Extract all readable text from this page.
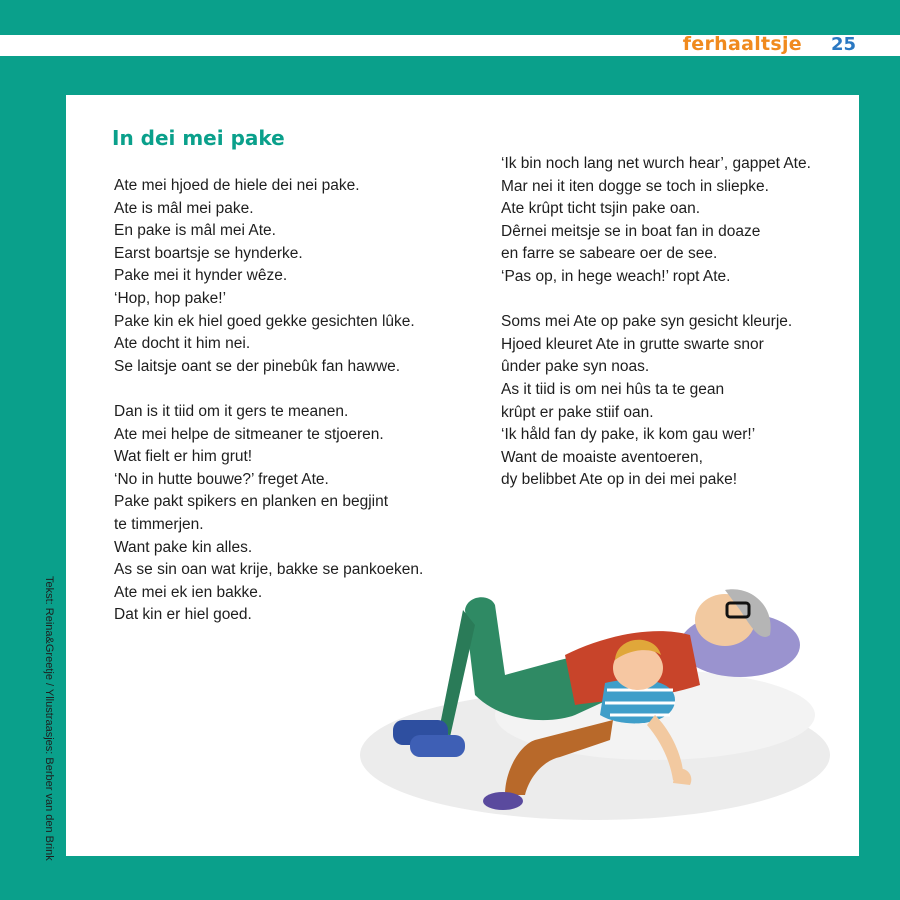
ferhaaltsje 25
In dei mei pake

Ate mei hjoed de hiele dei nei pake.
Ate is mâl mei pake.
En pake is mâl mei Ate.
Earst boartsje se hynderke.
Pake mei it hynder wêze.
‘Hop, hop pake!’
Pake kin ek hiel goed gekke gesichten lûke.
Ate docht it him nei.
Se laitsje oant se der pinebûk fan hawwe.

Dan is it tiid om it gers te meanen.
Ate mei helpe de sitmeaner te stjoeren.
Wat fielt er him grut!
‘No in hutte bouwe?’ freget Ate.
Pake pakt spikers en planken en begjint
te timmerjen.
Want pake kin alles.
As se sin oan wat krije, bakke se pankoeken.
Ate mei ek ien bakke.
Dat kin er hiel goed.

‘Ik bin noch lang net wurch hear’, gappet Ate.
Mar nei it iten dogge se toch in sliepke.
Ate krûpt ticht tsjin pake oan.
Dêrnei meitsje se in boat fan in doaze
en farre se sabeare oer de see.
‘Pas op, in hege weach!’ ropt Ate.

Soms mei Ate op pake syn gesicht kleurje.
Hjoed kleuret Ate in grutte swarte snor
ûnder pake syn noas.
As it tiid is om nei hûs ta te gean
krûpt er pake stiif oan.
‘Ik håld fan dy pake, ik kom gau wer!’
Want de moaiste aventoeren,
dy belibbet Ate op in dei mei pake!

Tekst: Reina&Greetje / Yllustraasjes: Berber van den Brink
